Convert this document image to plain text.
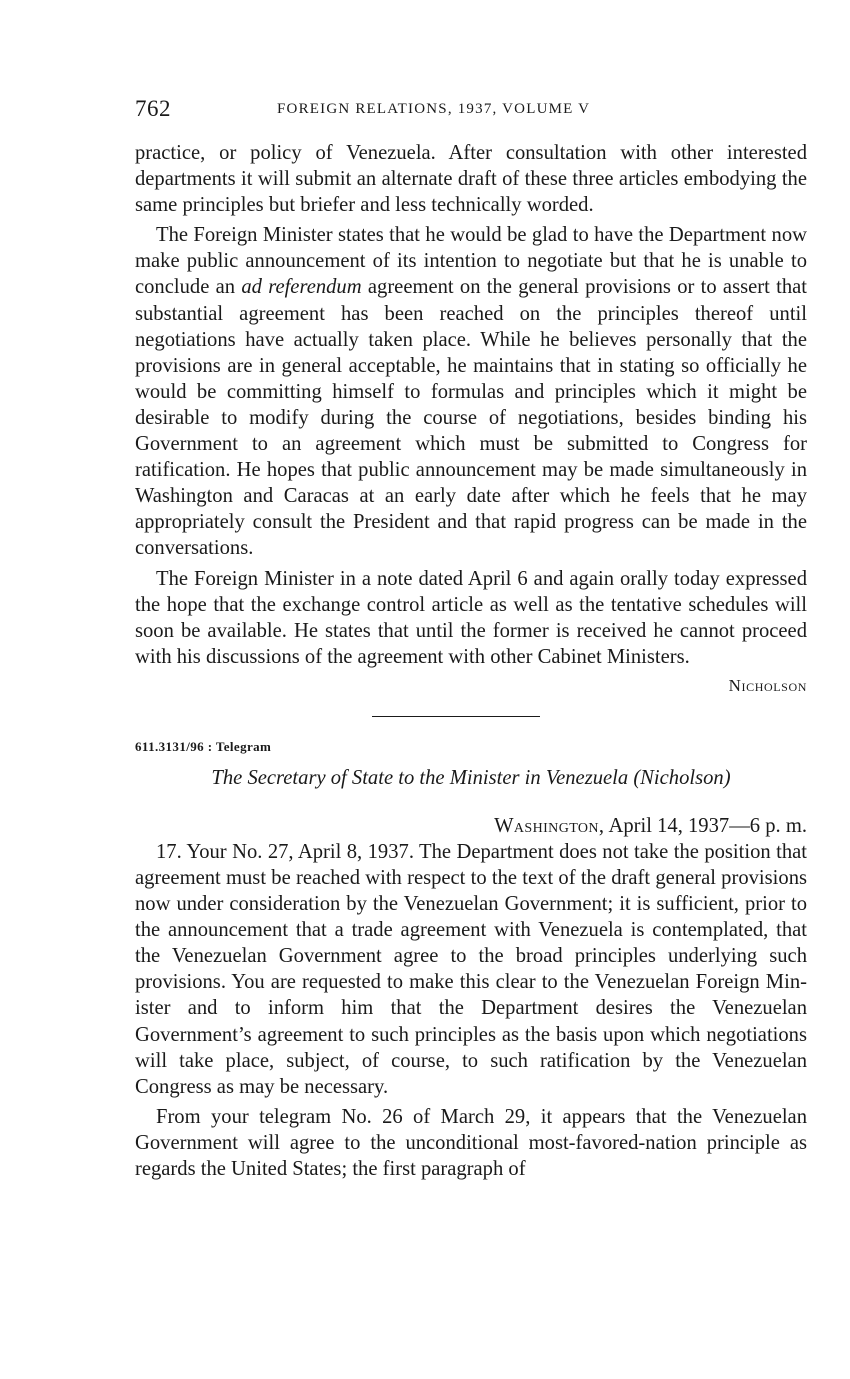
762	FOREIGN RELATIONS, 1937, VOLUME V

practice, or policy of Venezuela. After consultation with other interested departments it will submit an alternate draft of these three articles embodying the same principles but briefer and less technically worded.

The Foreign Minister states that he would be glad to have the Department now make public announcement of its intention to negotiate but that he is unable to conclude an ad referendum agreement on the general provisions or to assert that substantial agreement has been reached on the principles thereof until negotiations have actually taken place. While he believes personally that the provisions are in general acceptable, he maintains that in stating so officially he would be committing himself to formulas and principles which it might be desirable to modify during the course of negotiations, besides binding his Government to an agreement which must be submitted to Congress for ratification. He hopes that public announcement may be made simultaneously in Washington and Caracas at an early date after which he feels that he may appropriately consult the President and that rapid progress can be made in the conversations.

The Foreign Minister in a note dated April 6 and again orally today expressed the hope that the exchange control article as well as the tentative schedules will soon be available. He states that until the former is received he cannot proceed with his discussions of the agreement with other Cabinet Ministers.

Nicholson
611.3131/96 : Telegram
The Secretary of State to the Minister in Venezuela (Nicholson)
Washington, April 14, 1937—6 p. m.

17. Your No. 27, April 8, 1937. The Department does not take the position that agreement must be reached with respect to the text of the draft general provisions now under consideration by the Venezuelan Government; it is sufficient, prior to the announcement that a trade agreement with Venezuela is contemplated, that the Venezuelan Government agree to the broad principles underlying such provisions. You are requested to make this clear to the Venezuelan Foreign Minister and to inform him that the Department desires the Venezuelan Government’s agreement to such principles as the basis upon which negotiations will take place, subject, of course, to such ratification by the Venezuelan Congress as may be necessary.

From your telegram No. 26 of March 29, it appears that the Venezuelan Government will agree to the unconditional most-favored-nation principle as regards the United States; the first paragraph of
